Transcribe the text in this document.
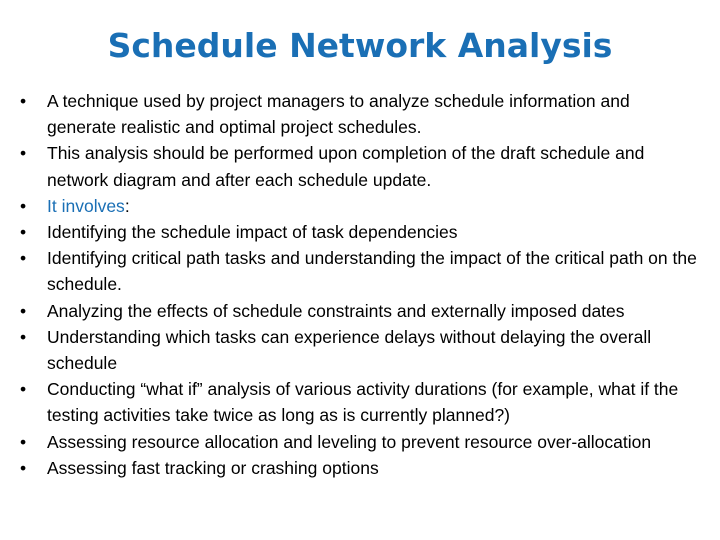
Schedule Network Analysis
•	A technique used by project managers to analyze schedule information and generate realistic and optimal project schedules.
•	This analysis should be performed upon completion of the draft schedule and network diagram and after each schedule update.
•	It involves:
•	Identifying the schedule impact of task dependencies
•	Identifying critical path tasks and understanding the impact of the critical path on the schedule.
•	Analyzing the effects of schedule constraints and externally imposed dates
•	Understanding which tasks can experience delays without delaying the overall schedule
•	Conducting “what if” analysis of various activity durations (for example, what if the testing activities take twice as long as is currently planned?)
•	Assessing resource allocation and leveling to prevent resource over-allocation
•	Assessing fast tracking or crashing options
